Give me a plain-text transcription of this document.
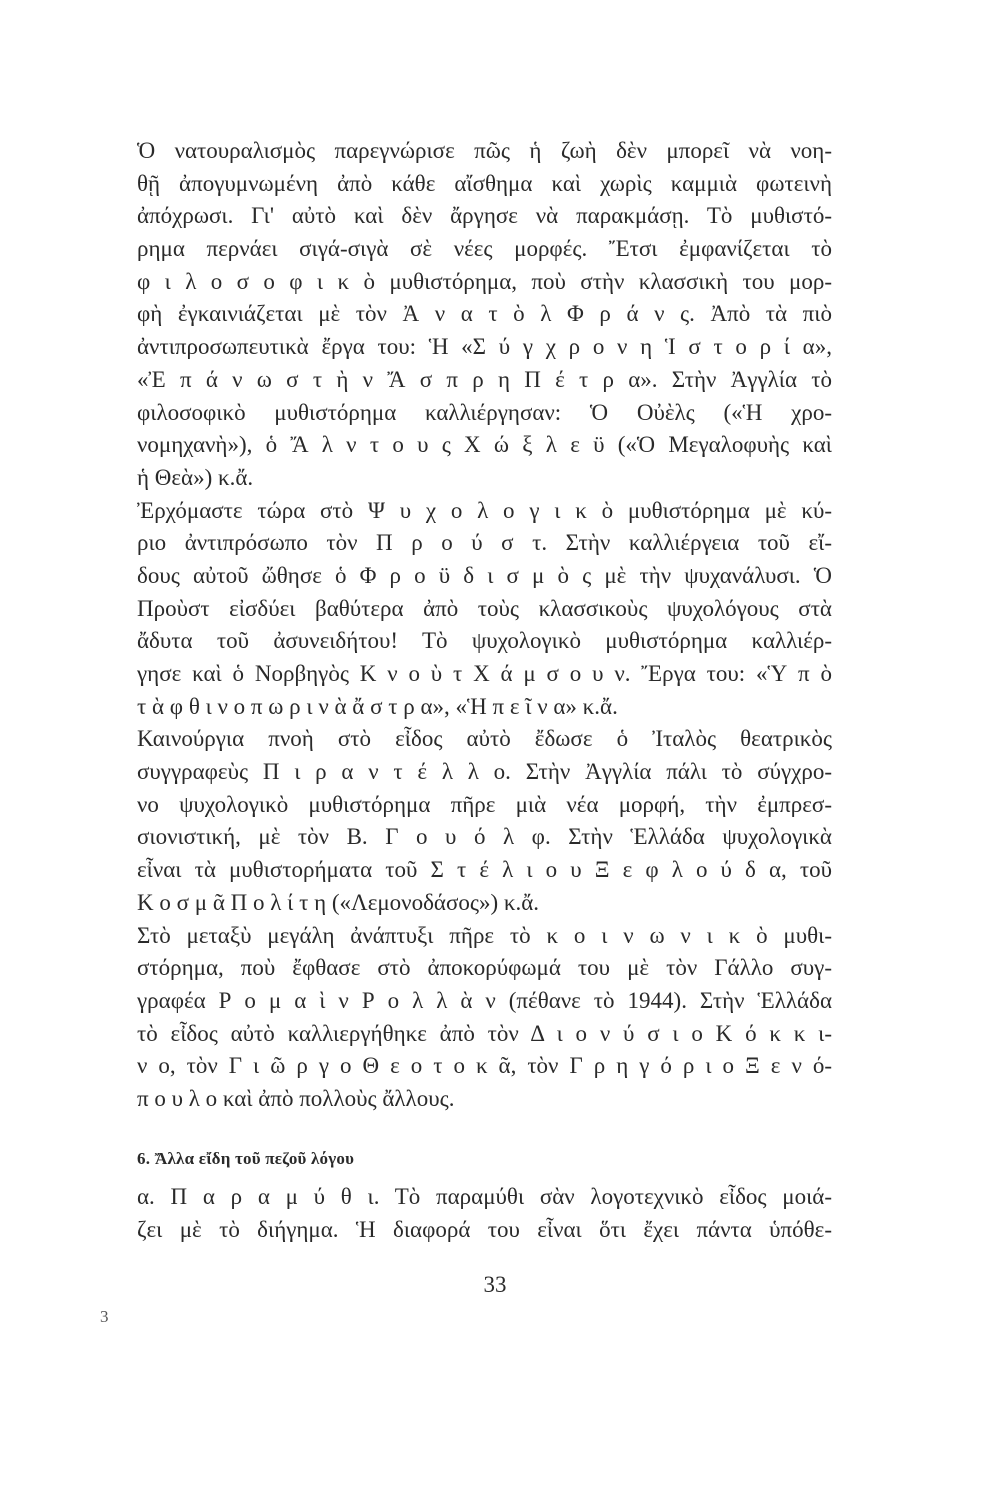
Ὁ νατουραλισμὸς παρεγνώρισε πῶς ἡ ζωὴ δὲν μπορεῖ νὰ νοη-
θῇ ἀπογυμνωμένη ἀπὸ κάθε αἴσθημα καὶ χωρὶς καμμιὰ φωτεινὴ
ἀπόχρωσι. Γι' αὐτὸ καὶ δὲν ἄργησε νὰ παρακμάσῃ. Τὸ μυθιστό-
ρημα περνάει σιγά-σιγὰ σὲ νέες μορφές. Ἔτσι ἐμφανίζεται τὸ
φ ι λ ο σ ο φ ι κ ὸ μυθιστόρημα, ποὺ στὴν κλασσικὴ του μορ-
φὴ ἐγκαινιάζεται μὲ τὸν Ἀ ν α τ ὸ λ Φ ρ ά ν ς. Ἀπὸ τὰ πιὸ
ἀντιπροσωπευτικὰ ἔργα του: Ἡ «Σ ύ γ χ ρ ο ν η Ἱ σ τ ο ρ ί α»,
«Ἐ π ά ν ω σ τ ὴ ν Ἄ σ π ρ η Π έ τ ρ α». Στὴν Ἀγγλία τὸ
φιλοσοφικὸ μυθιστόρημα καλλιέργησαν: Ὁ Οὐὲλς («Ἡ χρο-
νομηχανὴ»), ὁ Ἄ λ ν τ ο υ ς Χ ώ ξ λ ε ϋ («Ὁ Μεγαλοφυὴς καὶ
ἡ Θεὰ») κ.ἄ.
Ἐρχόμαστε τώρα στὸ Ψ υ χ ο λ ο γ ι κ ὸ μυθιστόρημα μὲ κύ-
ριο ἀντιπρόσωπο τὸν Π ρ ο ύ σ τ. Στὴν καλλιέργεια τοῦ εἴ-
δους αὐτοῦ ὤθησε ὁ Φ ρ ο ϋ δ ι σ μ ὸ ς μὲ τὴν ψυχανάλυσι. Ὁ
Προὺστ εἰσδύει βαθύτερα ἀπὸ τοὺς κλασσικοὺς ψυχολόγους στὰ
ἄδυτα τοῦ ἀσυνειδήτου! Τὸ ψυχολογικὸ μυθιστόρημα καλλιέρ-
γησε καὶ ὁ Νορβηγὸς Κ ν ο ὺ τ Χ ά μ σ ο υ ν. Ἔργα του: «Ὑ π ὸ
τ ὰ φ θ ι ν ο π ω ρ ι ν ὰ ἄ σ τ ρ α», «Ἡ π ε ῖ ν α» κ.ἄ.
Καινούργια πνοὴ στὸ εἶδος αὐτὸ ἔδωσε ὁ Ἰταλὸς θεατρικὸς
συγγραφεὺς Π ι ρ α ν τ έ λ λ ο. Στὴν Ἀγγλία πάλι τὸ σύγχρο-
νο ψυχολογικὸ μυθιστόρημα πῆρε μιὰ νέα μορφή, τὴν ἐμπρεσ-
σιονιστική, μὲ τὸν Β. Γ ο υ ό λ φ. Στὴν Ἑλλάδα ψυχολογικὰ
εἶναι τὰ μυθιστορήματα τοῦ Σ τ έ λ ι ο υ Ξ ε φ λ ο ύ δ α, τοῦ
Κ ο σ μ ᾶ Π ο λ ί τ η («Λεμονοδάσος») κ.ἄ.
Στὸ μεταξὺ μεγάλη ἀνάπτυξι πῆρε τὸ κ ο ι ν ω ν ι κ ὸ μυθι-
στόρημα, ποὺ ἔφθασε στὸ ἀποκορύφωμά του μὲ τὸν Γάλλο συγ-
γραφέα Ρ ο μ α ὶ ν Ρ ο λ λ ὰ ν (πέθανε τὸ 1944). Στὴν Ἑλλάδα
τὸ εἶδος αὐτὸ καλλιεργήθηκε ἀπὸ τὸν Δ ι ο ν ύ σ ι ο Κ ό κ κ ι-
ν ο, τὸν Γ ι ῶ ρ γ ο Θ ε ο τ ο κ ᾶ, τὸν Γ ρ η γ ό ρ ι ο Ξ ε ν ό-
π ο υ λ ο καὶ ἀπὸ πολλοὺς ἄλλους.
6. Ἄλλα εἴδη τοῦ πεζοῦ λόγου
α. Π α ρ α μ ύ θ ι. Τὸ παραμύθι σὰν λογοτεχνικὸ εἶδος μοιά-
ζει μὲ τὸ διήγημα. Ἡ διαφορά του εἶναι ὅτι ἔχει πάντα ὑπόθε-
33
3
